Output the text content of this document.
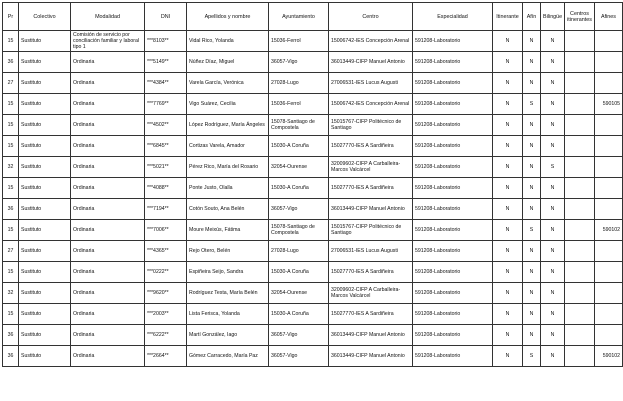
Pr	Colectivo	Modalidad	DNI	Apellidos y nombre	Ayuntamiento	Centro	Especialidad	Itinerante	Afín	Bilingüe	Centros itinerantes	Afines
15	Sustituto	Comisión de servicio por conciliación familiar y laboral tipo 1	***8103**	Vidal Rico, Yolanda	15036-Ferrol	15006742-IES Concepción Arenal	591208-Laboratorio	N	N	N		
36	Sustituto	Ordinaria	***5149**	Núñez Díaz, Miguel	36057-Vigo	36013449-CIFP Manuel Antonio	591208-Laboratorio	N	N	N		
27	Sustituto	Ordinaria	***4384**	Varela García, Verónica	27028-Lugo	27006531-IES Lucus Augusti	591208-Laboratorio	N	N	N		
15	Sustituto	Ordinaria	***7769**	Vigo Suárez, Cecilia	15036-Ferrol	15006742-IES Concepción Arenal	591208-Laboratorio	N	S	N		590105
15	Sustituto	Ordinaria	***4502**	López Rodríguez, María Ángeles	15078-Santiago de Compostela	15015767-CIFP Politécnico de Santiago	591208-Laboratorio	N	N	N		
15	Sustituto	Ordinaria	***6845**	Cortizas Varela, Amador	15030-A Coruña	15027770-IES A Sardiñeira	591208-Laboratorio	N	N	N		
32	Sustituto	Ordinaria	***5021**	Pérez Rico, María del Rosario	32054-Ourense	32009602-CIFP A Carballeira-Marcos Valcárcel	591208-Laboratorio	N	N	S		
15	Sustituto	Ordinaria	***4088**	Ponte Justo, Olalla	15030-A Coruña	15027770-IES A Sardiñeira	591208-Laboratorio	N	N	N		
36	Sustituto	Ordinaria	***7194**	Cotón Souto, Ana Belén	36057-Vigo	36013449-CIFP Manuel Antonio	591208-Laboratorio	N	N	N		
15	Sustituto	Ordinaria	***7006**	Moure Meixús, Fátima	15078-Santiago de Compostela	15015767-CIFP Politécnico de Santiago	591208-Laboratorio	N	S	N		590102
27	Sustituto	Ordinaria	***4365**	Rejo Otero, Belén	27028-Lugo	27006531-IES Lucus Augusti	591208-Laboratorio	N	N	N		
15	Sustituto	Ordinaria	***0222**	Espiñeira Seijo, Sandra	15030-A Coruña	15027770-IES A Sardiñeira	591208-Laboratorio	N	N	N		
32	Sustituto	Ordinaria	***9620**	Rodríguez Testa, María Belén	32054-Ourense	32009602-CIFP A Carballeira-Marcos Valcárcel	591208-Laboratorio	N	N	N		
15	Sustituto	Ordinaria	***2003**	Lista Ferisca, Yolanda	15030-A Coruña	15027770-IES A Sardiñeira	591208-Laboratorio	N	N	N		
36	Sustituto	Ordinaria	***6222**	Martí González, Iago	36057-Vigo	36013449-CIFP Manuel Antonio	591208-Laboratorio	N	N	N		
36	Sustituto	Ordinaria	***2664**	Gómez Carracedo, María Paz	36057-Vigo	36013449-CIFP Manuel Antonio	591208-Laboratorio	N	S	N		590102
